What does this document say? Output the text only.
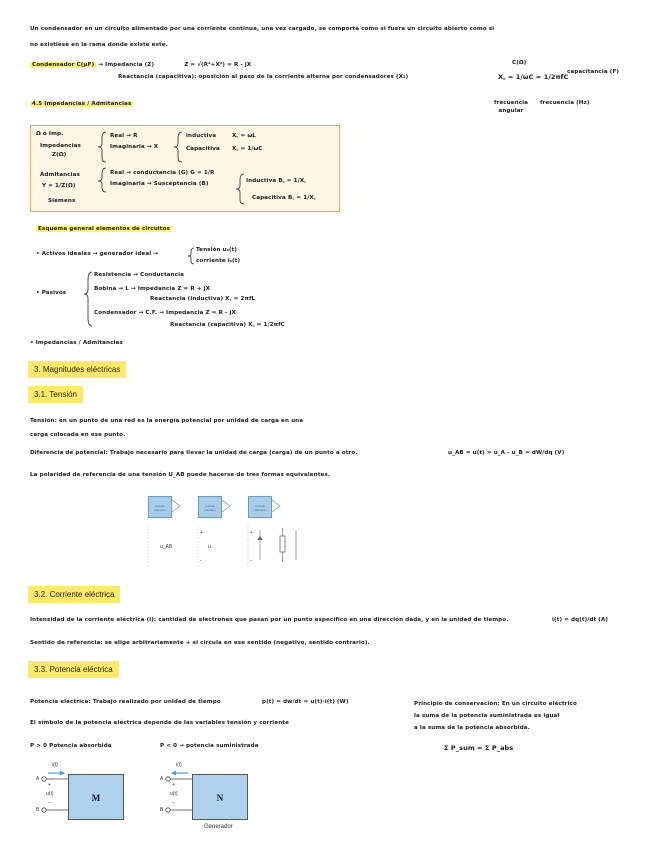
Un condensador en un circuito alimentado por una corriente continua, una vez cargado, se comporta como si fuera un circuito abierto como si
no existiese en la rama donde existe éste.
Condensador C(μF) → Impedancia (Z)	Z = √(R²+X²) = R - jX
Reactancia (capacitiva): oposición al paso de la corriente alterna por condensadores (X₂)
C(Ω)
X꜀ = 1/ωC = 1/2πfC
capacitancia (F)
frecuencia angular
frecuencia (Hz)
4.5 Impedancias / Admitancias
Ω ó Imp.
Impedancias
Z(Ω)
Real → R
Imaginaria → X
inductiva	X꜀ = ωL
Capacitiva X꜀ = 1/ωC
Admitancias
Y = 1/Z(Ω)
Siemens
Real → conductancia (G) G = 1/R
Imaginaria → Susceptancia (B)	Inductiva B꜀ = 1/X꜀
Capacitiva B꜀ = 1/X꜀
Esquema general elementos de circuitos
• Activos ideales → generador ideal →
Tensión uₛ(t)
corriente iₛ(t)
• Pasivos
Resistencia → Conductancia
Bobina → L → Impedancia Z = R + jX
Reactancia (inductiva) X꜀ = 2πfL
Condensador → C.F. → Impedancia Z = R - jX
Reactancia (capacitiva) X꜀ = 1/2πfC
• Impedancias / Admitancias
3. Magnitudes eléctricas
3.1. Tensión
Tensión: en un punto de una red es la energía potencial por unidad de carga en una
carga colocada en ese punto.
Diferencia de potencial: Trabajo necesario para llevar la unidad de carga (carga) de un punto a otro.	u_AB = u(t) = u_A - u_B = dW/dq (V)
La polaridad de referencia de una tensión U_AB puede hacerse de tres formas equivalentes.
Circuito eléctrico
Circuito eléctrico
Circuito eléctrico
u_AB
+
-
u
+
-
3.2. Corriente eléctrica
Intensidad de la corriente eléctrica (i): cantidad de electrones que pasan por un punto específico en una dirección dada, y en la unidad de tiempo.	i(t) = dq(t)/dt (A)
Sentido de referencia: se elige arbitrariamente + si circula en ese sentido (negativo, sentido contrario).
3.3. Potencia eléctrica
Potencia eléctrica: Trabajo realizado por unidad de tiempo	p(t) = dw/dt = u(t)·i(t) (W)
El símbolo de la potencia eléctrica depende de las variables tensión y corriente
P > 0 Potencia absorbida	P < 0 → potencia suministrada
Principio de conservación: En un circuito eléctrico
la suma de la potencia suministrada es igual
a la suma de la potencia absorbida.
Σ P_sum = Σ P_abs
M	N
i(t)
A
B
+
u(t)
−
i(t)
A
B
+
u(t)
−
Generador
